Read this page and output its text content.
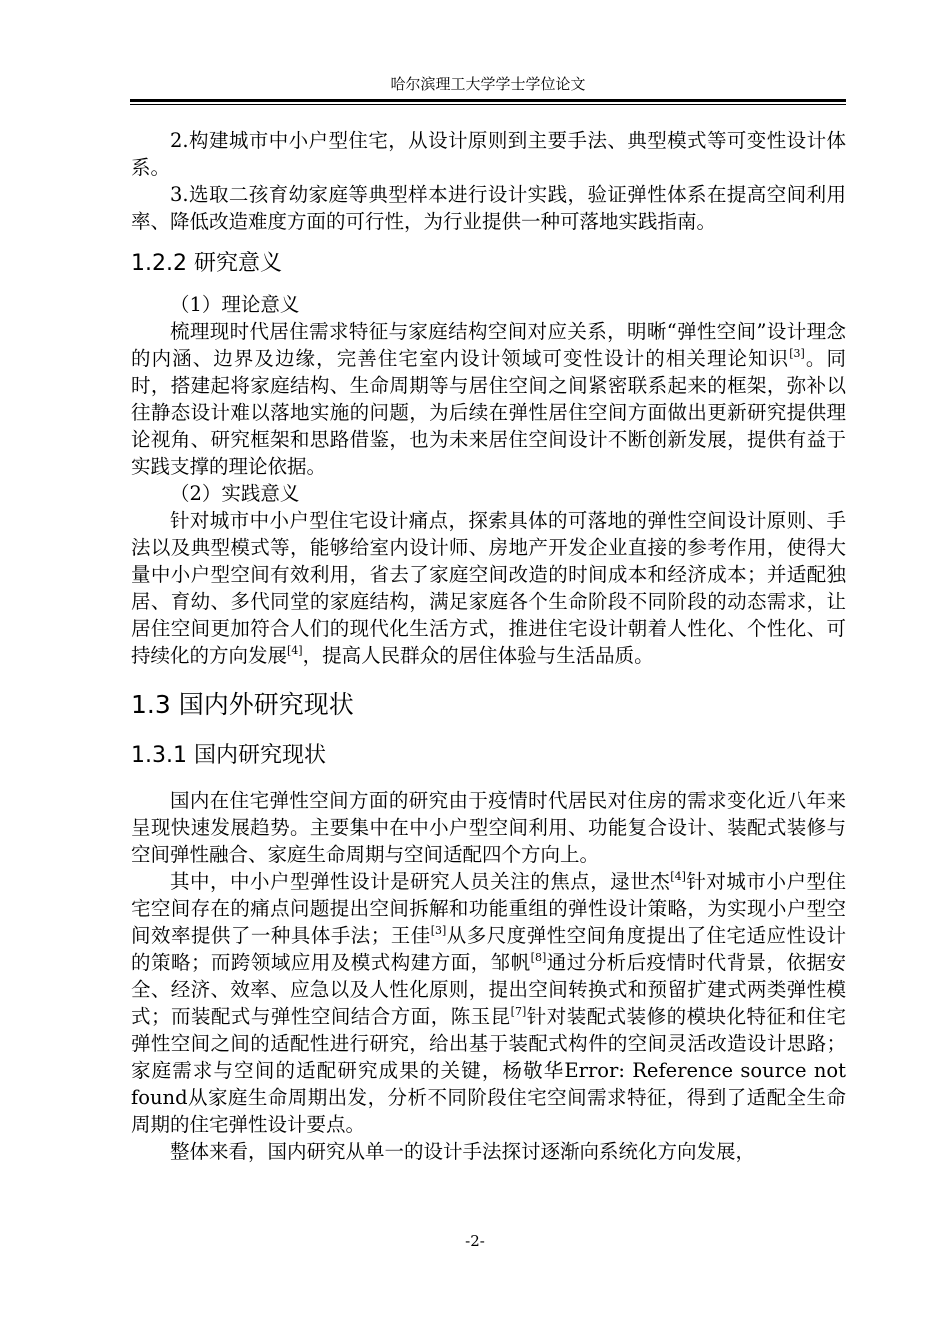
哈尔滨理工大学学士学位论文

2.构建城市中小户型住宅，从设计原则到主要手法、典型模式等可变性设计体系。

3.选取二孩育幼家庭等典型样本进行设计实践，验证弹性体系在提高空间利用率、降低改造难度方面的可行性，为行业提供一种可落地实践指南。

1.2.2 研究意义

（1）理论意义

梳理现时代居住需求特征与家庭结构空间对应关系，明晰“弹性空间”设计理念的内涵、边界及边缘，完善住宅室内设计领域可变性设计的相关理论知识[3]。同时，搭建起将家庭结构、生命周期等与居住空间之间紧密联系起来的框架，弥补以往静态设计难以落地实施的问题，为后续在弹性居住空间方面做出更新研究提供理论视角、研究框架和思路借鉴，也为未来居住空间设计不断创新发展，提供有益于实践支撑的理论依据。

（2）实践意义

针对城市中小户型住宅设计痛点，探索具体的可落地的弹性空间设计原则、手法以及典型模式等，能够给室内设计师、房地产开发企业直接的参考作用，使得大量中小户型空间有效利用，省去了家庭空间改造的时间成本和经济成本；并适配独居、育幼、多代同堂的家庭结构，满足家庭各个生命阶段不同阶段的动态需求，让居住空间更加符合人们的现代化生活方式，推进住宅设计朝着人性化、个性化、可持续化的方向发展[4]，提高人民群众的居住体验与生活品质。

1.3 国内外研究现状
1.3.1 国内研究现状

国内在住宅弹性空间方面的研究由于疫情时代居民对住房的需求变化近八年来呈现快速发展趋势。主要集中在中小户型空间利用、功能复合设计、装配式装修与空间弹性融合、家庭生命周期与空间适配四个方向上。

其中，中小户型弹性设计是研究人员关注的焦点，逯世杰[4]针对城市小户型住宅空间存在的痛点问题提出空间拆解和功能重组的弹性设计策略，为实现小户型空间效率提供了一种具体手法；王佳[3]从多尺度弹性空间角度提出了住宅适应性设计的策略；而跨领域应用及模式构建方面，邹帆[8]通过分析后疫情时代背景，依据安全、经济、效率、应急以及人性化原则，提出空间转换式和预留扩建式两类弹性模式；而装配式与弹性空间结合方面，陈玉昆[7]针对装配式装修的模块化特征和住宅弹性空间之间的适配性进行研究，给出基于装配式构件的空间灵活改造设计思路；家庭需求与空间的适配研究成果的关键，杨敬华Error: Reference source not found从家庭生命周期出发，分析不同阶段住宅空间需求特征，得到了适配全生命周期的住宅弹性设计要点。

整体来看，国内研究从单一的设计手法探讨逐渐向系统化方向发展，

-2-
